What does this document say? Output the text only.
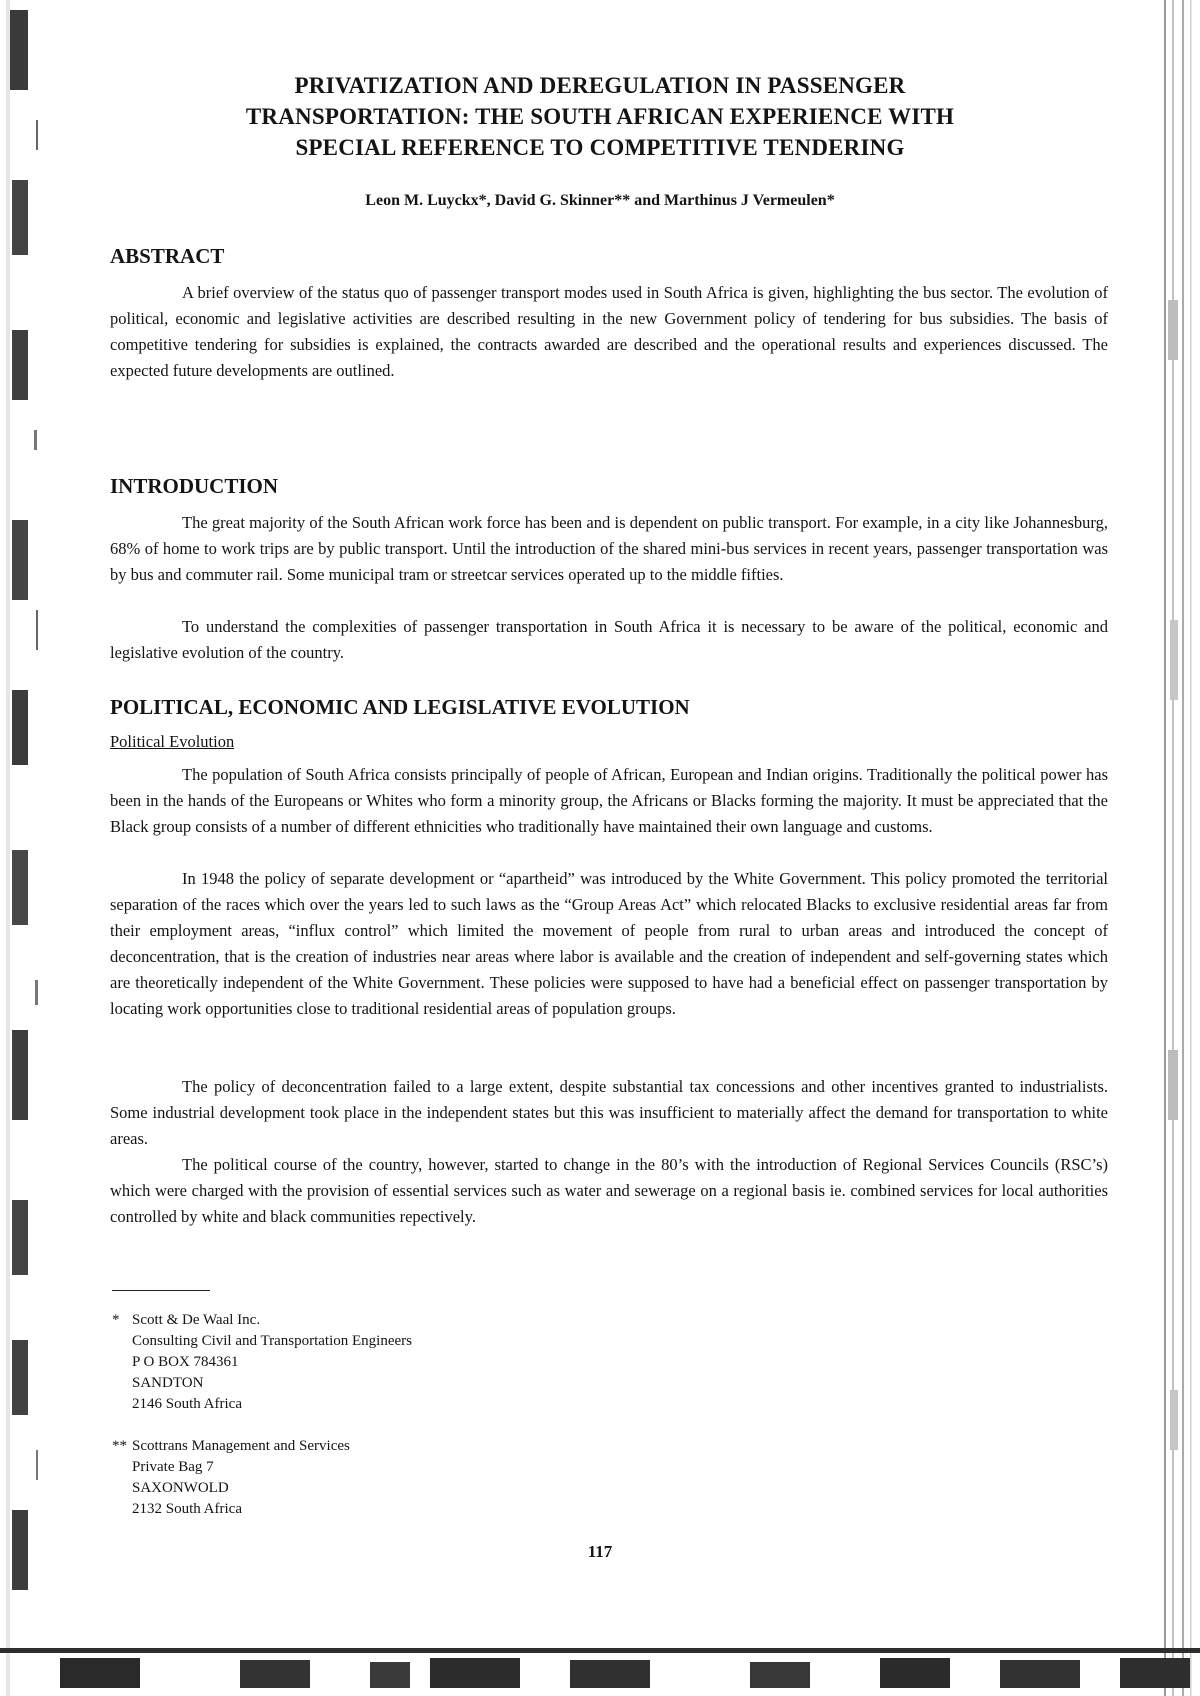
PRIVATIZATION AND DEREGULATION IN PASSENGER
TRANSPORTATION: THE SOUTH AFRICAN EXPERIENCE WITH
SPECIAL REFERENCE TO COMPETITIVE TENDERING
Leon M. Luyckx*, David G. Skinner** and Marthinus J Vermeulen*
ABSTRACT

A brief overview of the status quo of passenger transport modes used in South Africa is given, highlighting the bus sector. The evolution of political, economic and legislative activities are described resulting in the new Government policy of tendering for bus subsidies. The basis of competitive tendering for subsidies is explained, the contracts awarded are described and the operational results and experiences discussed. The expected future developments are outlined.

INTRODUCTION

The great majority of the South African work force has been and is dependent on public transport. For example, in a city like Johannesburg, 68% of home to work trips are by public transport. Until the introduction of the shared mini-bus services in recent years, passenger transportation was by bus and commuter rail. Some municipal tram or streetcar services operated up to the middle fifties.

To understand the complexities of passenger transportation in South Africa it is necessary to be aware of the political, economic and legislative evolution of the country.

POLITICAL, ECONOMIC AND LEGISLATIVE EVOLUTION
Political Evolution

The population of South Africa consists principally of people of African, European and Indian origins. Traditionally the political power has been in the hands of the Europeans or Whites who form a minority group, the Africans or Blacks forming the majority. It must be appreciated that the Black group consists of a number of different ethnicities who traditionally have maintained their own language and customs.

In 1948 the policy of separate development or “apartheid” was introduced by the White Government. This policy promoted the territorial separation of the races which over the years led to such laws as the “Group Areas Act” which relocated Blacks to exclusive residential areas far from their employment areas, “influx control” which limited the movement of people from rural to urban areas and introduced the concept of deconcentration, that is the creation of industries near areas where labor is available and the creation of independent and self-governing states which are theoretically independent of the White Government. These policies were supposed to have had a beneficial effect on passenger transportation by locating work opportunities close to traditional residential areas of population groups.

The policy of deconcentration failed to a large extent, despite substantial tax concessions and other incentives granted to industrialists. Some industrial development took place in the independent states but this was insufficient to materially affect the demand for transportation to white areas.

The political course of the country, however, started to change in the 80’s with the introduction of Regional Services Councils (RSC’s) which were charged with the provision of essential services such as water and sewerage on a regional basis ie. combined services for local authorities controlled by white and black communities repectively.

* Scott & De Waal Inc.
Consulting Civil and Transportation Engineers
P O BOX 784361
SANDTON
2146 South Africa
** Scottrans Management and Services
Private Bag 7
SAXONWOLD
2132 South Africa
117
